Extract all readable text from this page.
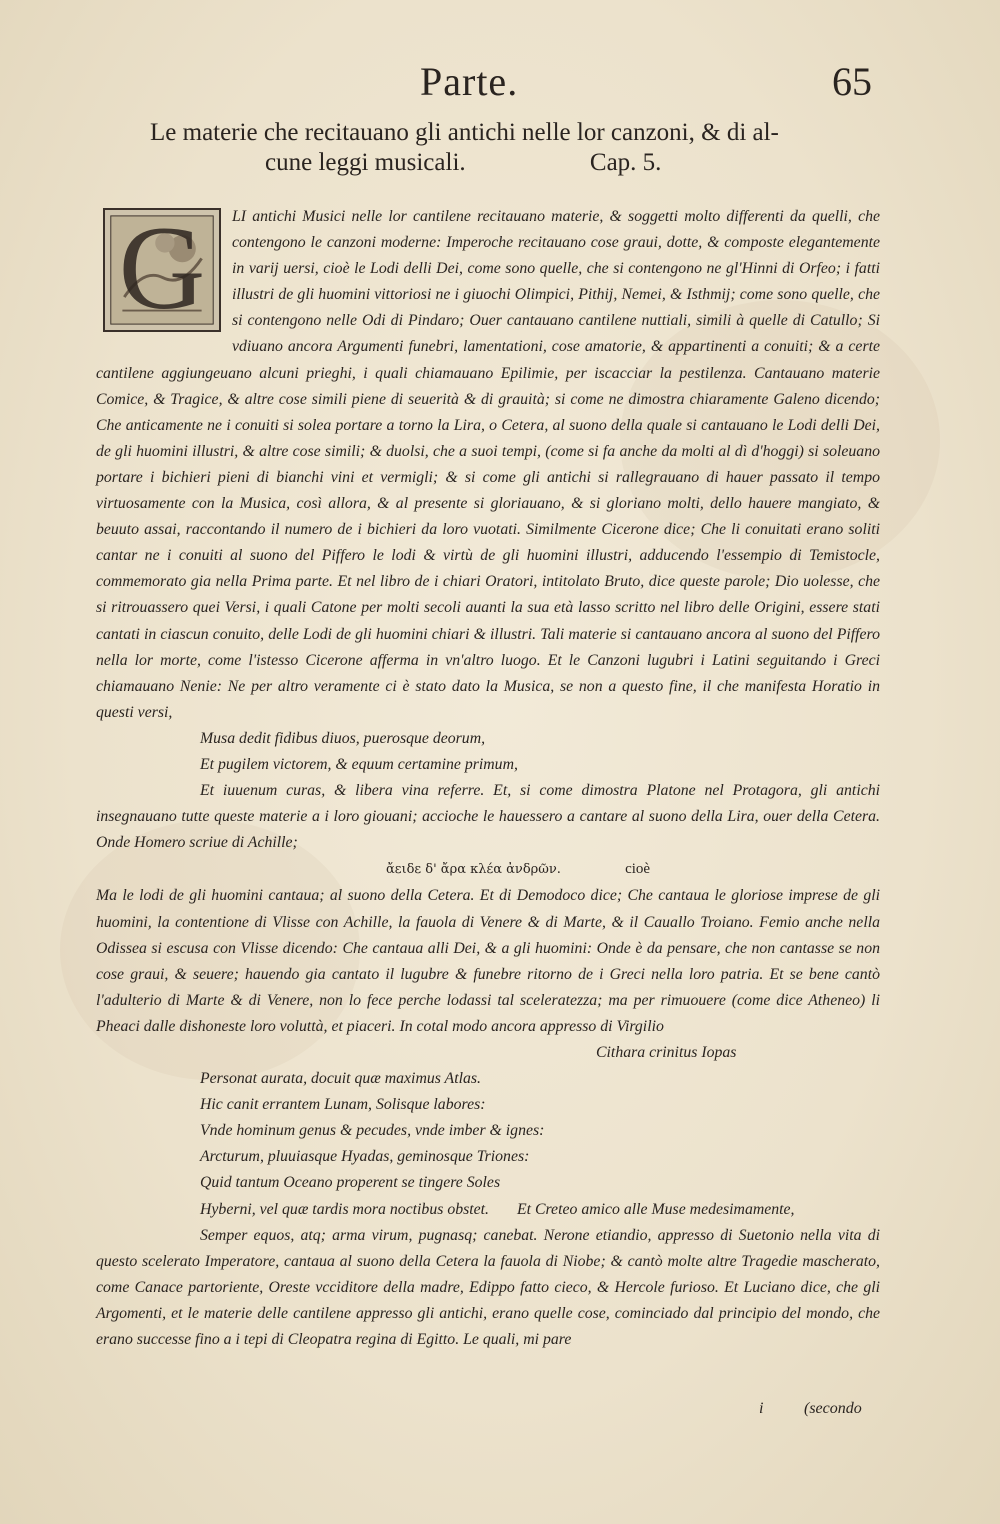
Parte.	65
Le materie che recitauano gli antichi nelle lor canzoni, & di al-
cune leggi musicali.	Cap. 5.
G	LI antichi Musici nelle lor cantilene recitauano materie, & soggetti molto differenti da quelli, che contengono le canzoni moderne: Imperoche recitauano cose graui, dotte, & composte elegantemente in varij uersi, cioè le Lodi delli Dei, come sono quelle, che si contengono ne gl'Hinni di Orfeo; i fatti illustri de gli huomini vittoriosi ne i giuochi Olimpici, Pithij, Nemei, & Isthmij; come sono quelle, che si contengono nelle Odi di Pindaro; Ouer cantauano cantilene nuttiali, simili à quelle di Catullo; Si vdiuano ancora Argumenti funebri, lamentationi, cose amatorie, & appartinenti a conuiti; & a certe cantilene aggiungeuano alcuni prieghi, i quali chiamauano Epilimie, per iscacciar la pestilenza. Cantauano materie Comice, & Tragice, & altre cose simili piene di seuerità & di grauità; si come ne dimostra chiaramente Galeno dicendo; Che anticamente ne i conuiti si solea portare a torno la Lira, o Cetera, al suono della quale si cantauano le Lodi delli Dei, de gli huomini illustri, & altre cose simili; & duolsi, che a suoi tempi, (come si fa anche da molti al dì d'hoggi) si soleuano portare i bichieri pieni di bianchi vini et vermigli; & si come gli antichi si rallegrauano di hauer passato il tempo virtuosamente con la Musica, così allora, & al presente si gloriauano, & si gloriano molti, dello hauere mangiato, & beuuto assai, raccontando il numero de i bichieri da loro vuotati. Similmente Cicerone dice; Che li conuitati erano soliti cantar ne i conuiti al suono del Piffero le lodi & virtù de gli huomini illustri, adducendo l'essempio di Temistocle, commemorato gia nella Prima parte. Et nel libro de i chiari Oratori, intitolato Bruto, dice queste parole; Dio uolesse, che si ritrouassero quei Versi, i quali Catone per molti secoli auanti la sua età lasso scritto nel libro delle Origini, essere stati cantati in ciascun conuito, delle Lodi de gli huomini chiari & illustri. Tali materie si cantauano ancora al suono del Piffero nella lor morte, come l'istesso Cicerone afferma in vn'altro luogo. Et le Canzoni lugubri i Latini seguitando i Greci chiamauano Nenie: Ne per altro veramente ci è stato dato la Musica, se non a questo fine, il che manifesta Horatio in questi versi,

Musa dedit fidibus diuos, puerosque deorum,
Et pugilem victorem, & equum certamine primum,
Et iuuenum curas, & libera vina referre.

Et, si come dimostra Platone nel Protagora, gli antichi insegnauano tutte queste materie a i loro giouani; accioche le hauessero a cantare al suono della Lira, ouer della Cetera. Onde Homero scriue di Achille;

ἄειδε δ' ἄρα κλέα ἀνδρῶν.	cioè

Ma le lodi de gli huomini cantaua; al suono della Cetera. Et di Demodoco dice; Che cantaua le gloriose imprese de gli huomini, la contentione di Vlisse con Achille, la fauola di Venere & di Marte, & il Cauallo Troiano. Femio anche nella Odissea si escusa con Vlisse dicendo: Che cantaua alli Dei, & a gli huomini: Onde è da pensare, che non cantasse se non cose graui, & seuere; hauendo gia cantato il lugubre & funebre ritorno de i Greci nella loro patria. Et se bene cantò l'adulterio di Marte & di Venere, non lo fece perche lodassi tal sceleratezza; ma per rimuouere (come dice Atheneo) li Pheaci dalle dishoneste loro voluttà, et piaceri. In cotal modo ancora appresso di Virgilio

Cithara crinitus Iopas
Personat aurata, docuit quæ maximus Atlas.
Hic canit errantem Lunam, Solisque labores:
Vnde hominum genus & pecudes, vnde imber & ignes:
Arcturum, pluuiasque Hyadas, geminosque Triones:
Quid tantum Oceano properent se tingere Soles
Hyberni, vel quæ tardis mora noctibus obstet. Et Creteo amico alle Muse medesimamente,
Semper equos, atq; arma virum, pugnasq; canebat.

Nerone etiandio, appresso di Suetonio nella vita di questo scelerato Imperatore, cantaua al suono della Cetera la fauola di Niobe; & cantò molte altre Tragedie mascherato, come Canace partoriente, Oreste vcciditore della madre, Edippo fatto cieco, & Hercole furioso. Et Luciano dice, che gli Argomenti, et le materie delle cantilene appresso gli antichi, erano quelle cose, cominciado dal principio del mondo, che erano successe fino a i tepi di Cleopatra regina di Egitto. Le quali, mi pare

i	(secondo
